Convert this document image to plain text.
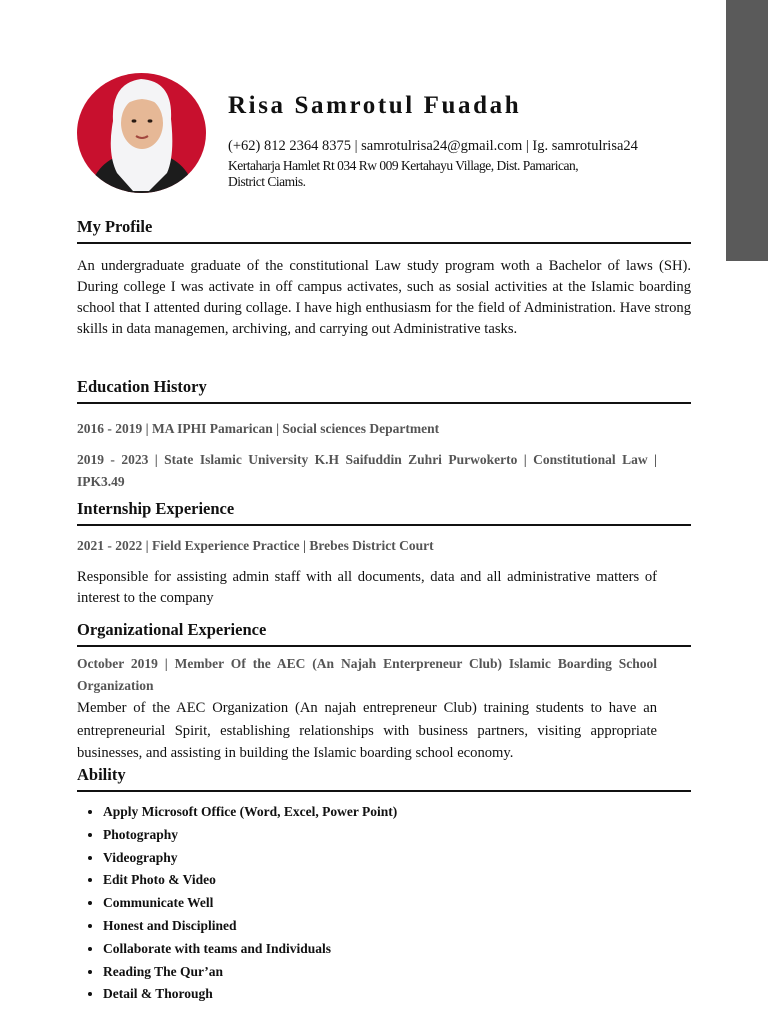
Risa Samrotul Fuadah
(+62) 812 2364 8375 | samrotulrisa24@gmail.com | Ig. samrotulrisa24
Kertaharja Hamlet Rt 034 Rw 009 Kertahayu Village, Dist. Pamarican,
District Ciamis.
My Profile
An undergraduate graduate of the constitutional Law study program woth a Bachelor of laws (SH). During college I was activate in off campus activates, such as sosial activities at the Islamic boarding school that I attented during collage. I have high enthusiasm for the field of Administration. Have strong skills in data managemen, archiving, and carrying out Administrative tasks.
Education History
2016 - 2019 | MA IPHI Pamarican | Social sciences Department
2019 - 2023 | State Islamic University K.H Saifuddin Zuhri Purwokerto | Constitutional Law | IPK3.49
Internship Experience
2021 - 2022 | Field Experience Practice | Brebes District Court
Responsible for assisting admin staff with all documents, data and all administrative matters of interest to the company
Organizational Experience
October 2019 | Member Of the AEC (An Najah Enterpreneur Club) Islamic Boarding School Organization
Member of the AEC Organization (An najah entrepreneur Club) training students to have an entrepreneurial Spirit, establishing relationships with business partners, visiting appropriate businesses, and assisting in building the Islamic boarding school economy.
Ability
Apply Microsoft Office (Word, Excel, Power Point)
Photography
Videography
Edit Photo & Video
Communicate Well
Honest and Disciplined
Collaborate with teams and Individuals
Reading The Qur’an
Detail & Thorough
